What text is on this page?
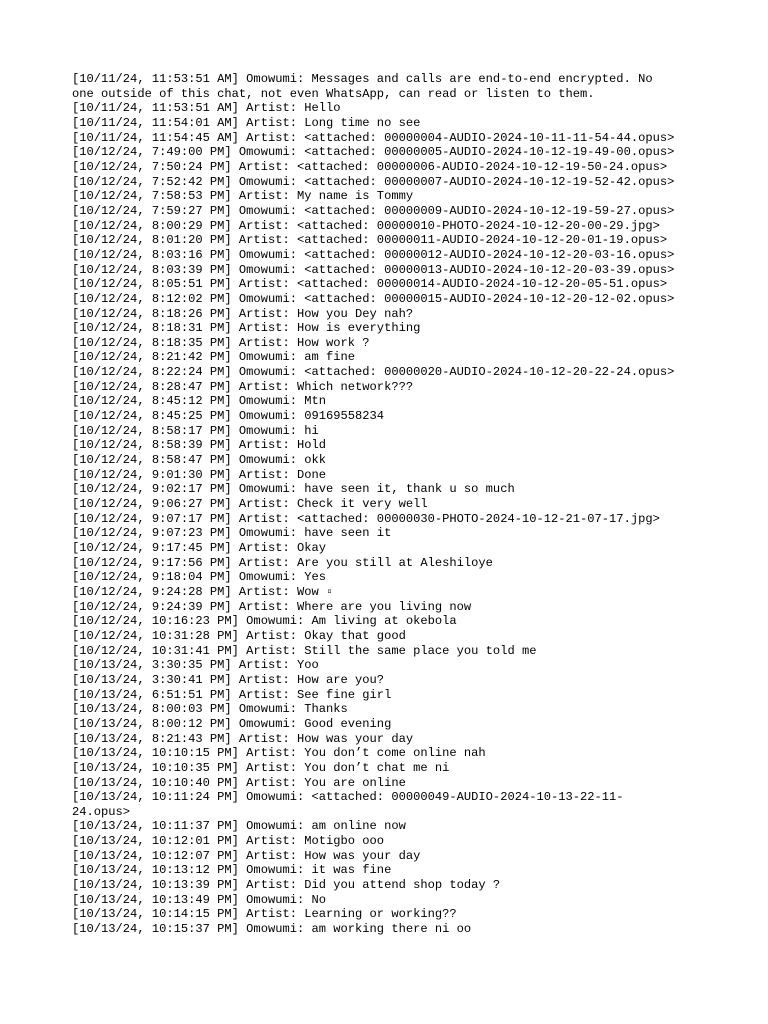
[10/11/24, 11:53:51 AM] Omowumi: Messages and calls are end-to-end encrypted. No
one outside of this chat, not even WhatsApp, can read or listen to them.
[10/11/24, 11:53:51 AM] Artist: Hello
[10/11/24, 11:54:01 AM] Artist: Long time no see
[10/11/24, 11:54:45 AM] Artist: <attached: 00000004-AUDIO-2024-10-11-11-54-44.opus>
[10/12/24, 7:49:00 PM] Omowumi: <attached: 00000005-AUDIO-2024-10-12-19-49-00.opus>
[10/12/24, 7:50:24 PM] Artist: <attached: 00000006-AUDIO-2024-10-12-19-50-24.opus>
[10/12/24, 7:52:42 PM] Omowumi: <attached: 00000007-AUDIO-2024-10-12-19-52-42.opus>
[10/12/24, 7:58:53 PM] Artist: My name is Tommy
[10/12/24, 7:59:27 PM] Omowumi: <attached: 00000009-AUDIO-2024-10-12-19-59-27.opus>
[10/12/24, 8:00:29 PM] Artist: <attached: 00000010-PHOTO-2024-10-12-20-00-29.jpg>
[10/12/24, 8:01:20 PM] Artist: <attached: 00000011-AUDIO-2024-10-12-20-01-19.opus>
[10/12/24, 8:03:16 PM] Omowumi: <attached: 00000012-AUDIO-2024-10-12-20-03-16.opus>
[10/12/24, 8:03:39 PM] Omowumi: <attached: 00000013-AUDIO-2024-10-12-20-03-39.opus>
[10/12/24, 8:05:51 PM] Artist: <attached: 00000014-AUDIO-2024-10-12-20-05-51.opus>
[10/12/24, 8:12:02 PM] Omowumi: <attached: 00000015-AUDIO-2024-10-12-20-12-02.opus>
[10/12/24, 8:18:26 PM] Artist: How you Dey nah?
[10/12/24, 8:18:31 PM] Artist: How is everything
[10/12/24, 8:18:35 PM] Artist: How work ?
[10/12/24, 8:21:42 PM] Omowumi: am fine
[10/12/24, 8:22:24 PM] Omowumi: <attached: 00000020-AUDIO-2024-10-12-20-22-24.opus>
[10/12/24, 8:28:47 PM] Artist: Which network???
[10/12/24, 8:45:12 PM] Omowumi: Mtn
[10/12/24, 8:45:25 PM] Omowumi: 09169558234
[10/12/24, 8:58:17 PM] Omowumi: hi
[10/12/24, 8:58:39 PM] Artist: Hold
[10/12/24, 8:58:47 PM] Omowumi: okk
[10/12/24, 9:01:30 PM] Artist: Done
[10/12/24, 9:02:17 PM] Omowumi: have seen it, thank u so much
[10/12/24, 9:06:27 PM] Artist: Check it very well
[10/12/24, 9:07:17 PM] Artist: <attached: 00000030-PHOTO-2024-10-12-21-07-17.jpg>
[10/12/24, 9:07:23 PM] Omowumi: have seen it
[10/12/24, 9:17:45 PM] Artist: Okay
[10/12/24, 9:17:56 PM] Artist: Are you still at Aleshiloye
[10/12/24, 9:18:04 PM] Omowumi: Yes
[10/12/24, 9:24:28 PM] Artist: Wow ▫
[10/12/24, 9:24:39 PM] Artist: Where are you living now
[10/12/24, 10:16:23 PM] Omowumi: Am living at okebola
[10/12/24, 10:31:28 PM] Artist: Okay that good
[10/12/24, 10:31:41 PM] Artist: Still the same place you told me
[10/13/24, 3:30:35 PM] Artist: Yoo
[10/13/24, 3:30:41 PM] Artist: How are you?
[10/13/24, 6:51:51 PM] Artist: See fine girl
[10/13/24, 8:00:03 PM] Omowumi: Thanks
[10/13/24, 8:00:12 PM] Omowumi: Good evening
[10/13/24, 8:21:43 PM] Artist: How was your day
[10/13/24, 10:10:15 PM] Artist: You don’t come online nah
[10/13/24, 10:10:35 PM] Artist: You don’t chat me ni
[10/13/24, 10:10:40 PM] Artist: You are online
[10/13/24, 10:11:24 PM] Omowumi: <attached: 00000049-AUDIO-2024-10-13-22-11-
24.opus>
[10/13/24, 10:11:37 PM] Omowumi: am online now
[10/13/24, 10:12:01 PM] Artist: Motigbo ooo
[10/13/24, 10:12:07 PM] Artist: How was your day
[10/13/24, 10:13:12 PM] Omowumi: it was fine
[10/13/24, 10:13:39 PM] Artist: Did you attend shop today ?
[10/13/24, 10:13:49 PM] Omowumi: No
[10/13/24, 10:14:15 PM] Artist: Learning or working??
[10/13/24, 10:15:37 PM] Omowumi: am working there ni oo
